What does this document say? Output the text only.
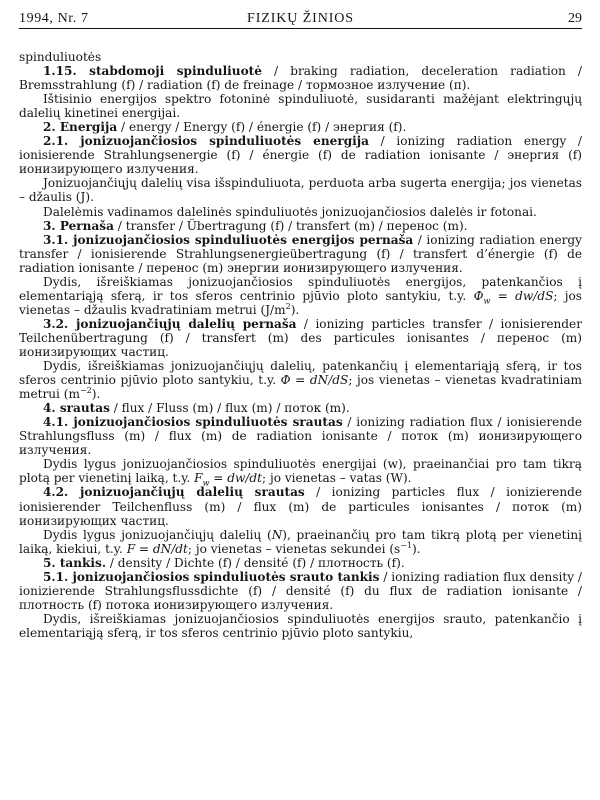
1994, Nr. 7	FIZIKŲ ŽINIOS	29

spinduliuotės

1.15. stabdomoji spinduliuotė / braking radiation, deceleration radiation / Bremsstrahlung (f) / radiation (f) de freinage / тормозное излучение (п).

Ištisinio energijos spektro fotoninė spinduliuotė, susidaranti mažėjant elektringųjų dalelių kinetinei energijai.

2. Energija / energy / Energy (f) / énergie (f) / энергия (f).

2.1. jonizuojančiosios spinduliuotės energija / ionizing radiation energy / ionisierende Strahlungsenergie (f) / énergie (f) de radiation ionisante / энергия (f) ионизирующего излучения.

Jonizuojančiųjų dalelių visa išspinduliuota, perduota arba sugerta energija; jos vienetas – džaulis (J).

Dalelėmis vadinamos dalelinės spinduliuotės jonizuojančiosios dalelės ir fotonai.

3. Pernaša / transfer / Übertragung (f) / transfert (m) / перенос (m).

3.1. jonizuojančiosios spinduliuotės energijos pernaša / ionizing radiation energy transfer / ionisierende Strahlungsenergieübertragung (f) / transfert d’énergie (f) de radiation ionisante / перенос (m) энергии ионизирующего излучения.

Dydis, išreiškiamas jonizuojančiosios spinduliuotės energijos, patenkančios į elementariąją sferą, ir tos sferos centrinio pjūvio ploto santykiu, t.y. $\Phi_w = dw/dS$; jos vienetas – džaulis kvadratiniam metrui $(J/m^2)$.

3.2. jonizuojančiųjų dalelių pernaša / ionizing particles transfer / ionisierender Teilchenübertragung (f) / transfert (m) des particules ionisantes / перенос (m) ионизирующих частиц.

Dydis, išreiškiamas jonizuojančiųjų dalelių, patenkančių į elementariąją sferą, ir tos sferos centrinio pjūvio ploto santykiu, t.y. Φ = dN/dS; jos vienetas – vienetas kvadratiniam metrui $(m^{-2})$.

4. srautas / flux / Fluss (m) / flux (m) / поток (m).

4.1. jonizuojančiosios spinduliuotės srautas / ionizing radiation flux / ionisierende Strahlungsfluss (m) / flux (m) de radiation ionisante / поток (m) ионизирующего излучения.

Dydis lygus jonizuojančiosios spinduliuotės energijai (w), praeinančiai pro tam tikrą plotą per vienetinį laiką, t.y. $F_w = dw/dt$; jo vienetas – vatas (W).

4.2. jonizuojančiųjų dalelių srautas / ionizing particles flux / ionizierende ionisierender Teilchenfluss (m) / flux (m) de particules ionisantes / поток (m) ионизирующих частиц.

Dydis lygus jonizuojančiųjų dalelių (N), praeinančių pro tam tikrą plotą per vienetinį laiką, kiekiui, t.y. F = dN/dt; jo vienetas – vienetas sekundei $(s^{-1})$.

5. tankis. / density / Dichte (f) / densité (f) / плотность (f).

5.1. jonizuojančiosios spinduliuotės srauto tankis / ionizing radiation flux density / ionizierende Strahlungsflussdichte (f) / densité (f) du flux de radiation ionisante / плотность (f) потока ионизирующего излучения.

Dydis, išreiškiamas jonizuojančiosios spinduliuotės energijos srauto, patenkančio į elementariąją sferą, ir tos sferos centrinio pjūvio ploto santykiu,
